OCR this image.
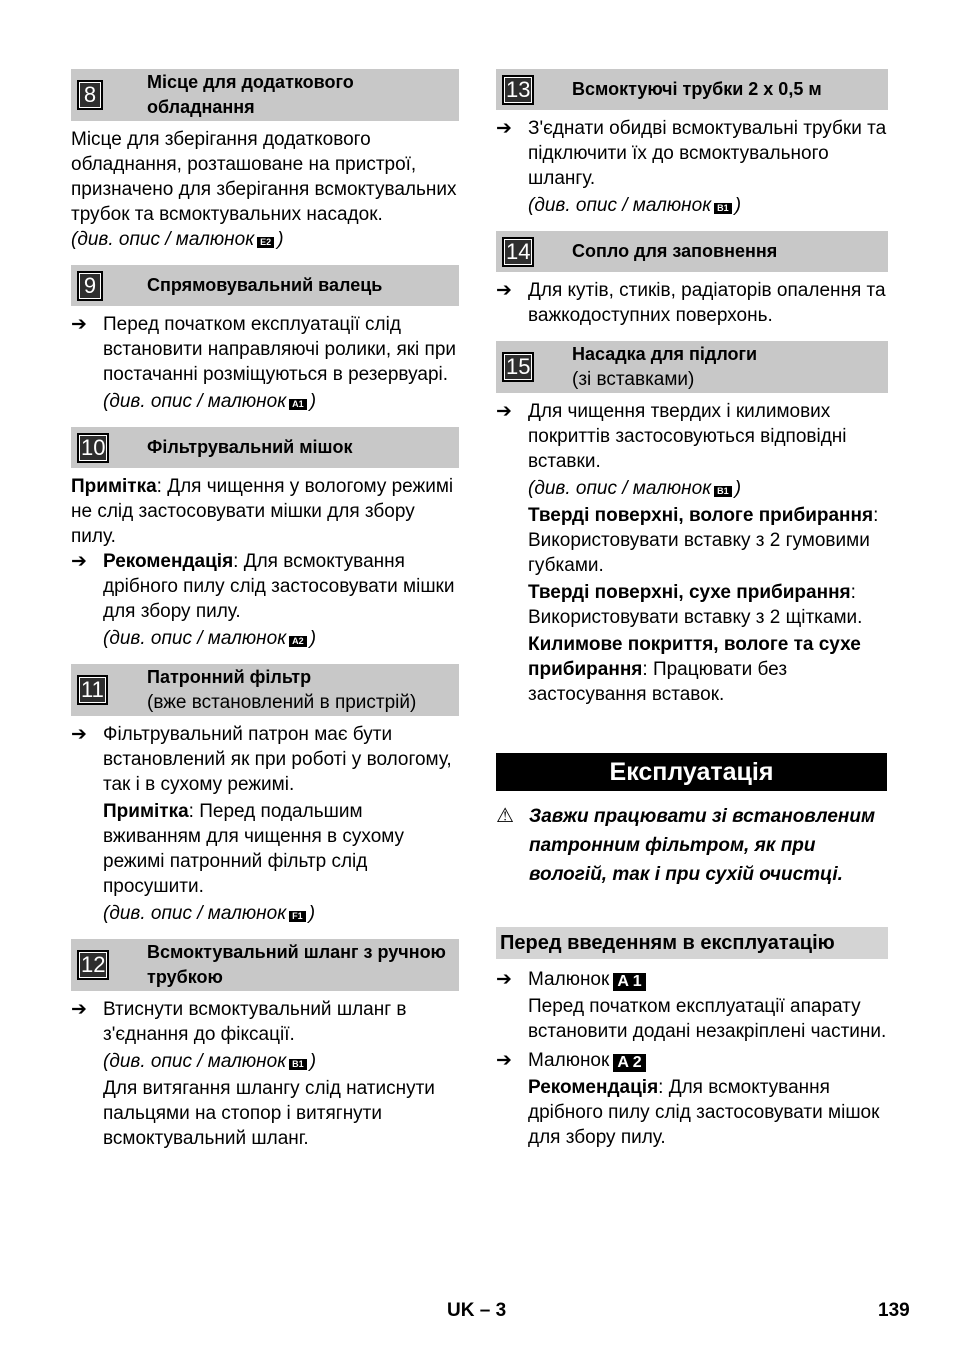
8	Місце для додаткового обладнання

Місце для зберігання додаткового обладнання, розташоване на пристрої, призначено для зберігання всмоктувальних трубок та всмоктувальних насадок.

(див. опис / малюнок E2 )

9	Спрямовувальний валець
➔ Перед початком експлуатації слід встановити направляючі ролики, які при постачанні розміщуються в резервуарі.

(див. опис / малюнок A1 )

10 Фільтрувальний мішок

Примітка: Для чищення у вологому режимі не слід застосовувати мішки для збору пилу.

➔ Рекомендація: Для всмоктування дрібного пилу слід застосовувати мішки для збору пилу.

(див. опис / малюнок A2 )

11 Патронний фільтр
(вже встановлений в пристрій)
➔ Фільтрувальний патрон має бути встановлений як при роботі у вологому, так і в сухому режимі.

Примітка: Перед подальшим вживанням для чищення в сухому режимі патронний фільтр слід просушити.

(див. опис / малюнок F1 )

12 Всмоктувальний шланг з ручною трубкою
➔ Втиснути всмоктувальний шланг в з'єднання до фіксації.

(див. опис / малюнок B1 )

Для витягання шлангу слід натиснути пальцями на стопор і витягнути всмоктувальний шланг.

13 Всмоктуючі трубки 2 x 0,5 м
➔ З'єднати обидві всмоктувальні трубки та підключити їх до всмоктувального шлангу.

(див. опис / малюнок B1 )

14 Сопло для заповнення
➔ Для кутів, стиків, радіаторів опалення та важкодоступних поверхонь.

15 Насадка для підлоги
(зі вставками)
➔ Для чищення твердих і килимових покриттів застосовуються відповідні вставки.

(див. опис / малюнок B1 )

Тверді поверхні, вологе прибирання: Використовувати вставку з 2 гумовими губками.

Тверді поверхні, сухе прибирання: Використовувати вставку з 2 щітками.

Килимове покриття, вологе та сухе прибирання: Працювати без застосування вставок.

Експлуатація
⚠ Завжи працювати зі встановленим патронним фільтром, як при вологій, так і при сухій очистці.
Перед введенням в експлуатацію
➔ Малюнок A 1

Перед початком експлуатації апарату встановити додані незакріплені частини.

➔ Малюнок A 2

Рекомендація: Для всмоктування дрібного пилу слід застосовувати мішок для збору пилу.

UK – 3	139
